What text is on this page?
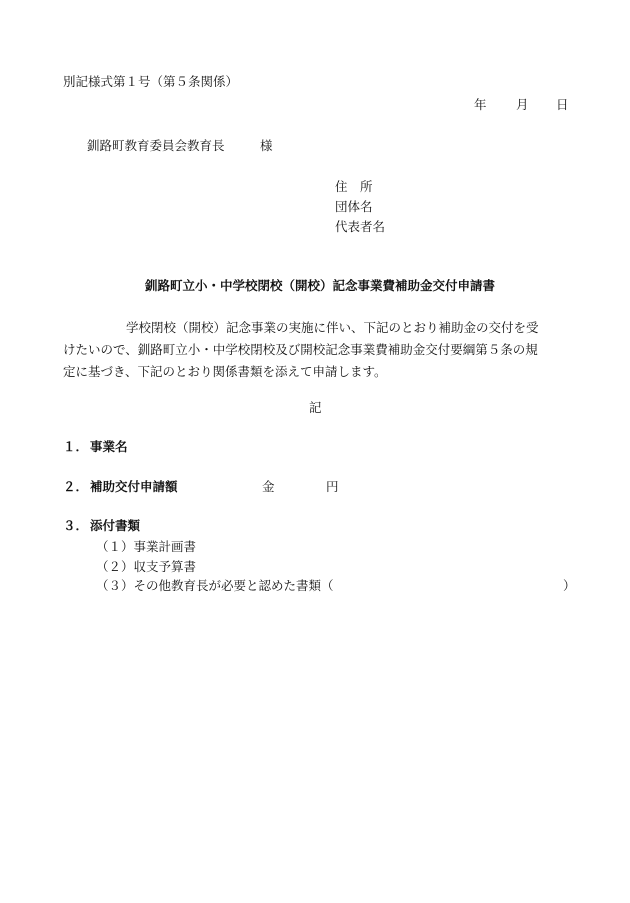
別記様式第１号（第５条関係）
年 月 日
釧路町教育委員会教育長	様
住　所
団体名
代表者名
釧路町立小・中学校閉校（開校）記念事業費補助金交付申請書
学校閉校（開校）記念事業の実施に伴い、下記のとおり補助金の交付を受
けたいので、釧路町立小・中学校閉校及び開校記念事業費補助金交付要綱第５条の規
定に基づき、下記のとおり関係書類を添えて申請します。
記
１． 事業名
２． 補助交付申請額	金	円
３． 添付書類
（１）事業計画書
（２）収支予算書
（３）その他教育長が必要と認めた書類（	）
